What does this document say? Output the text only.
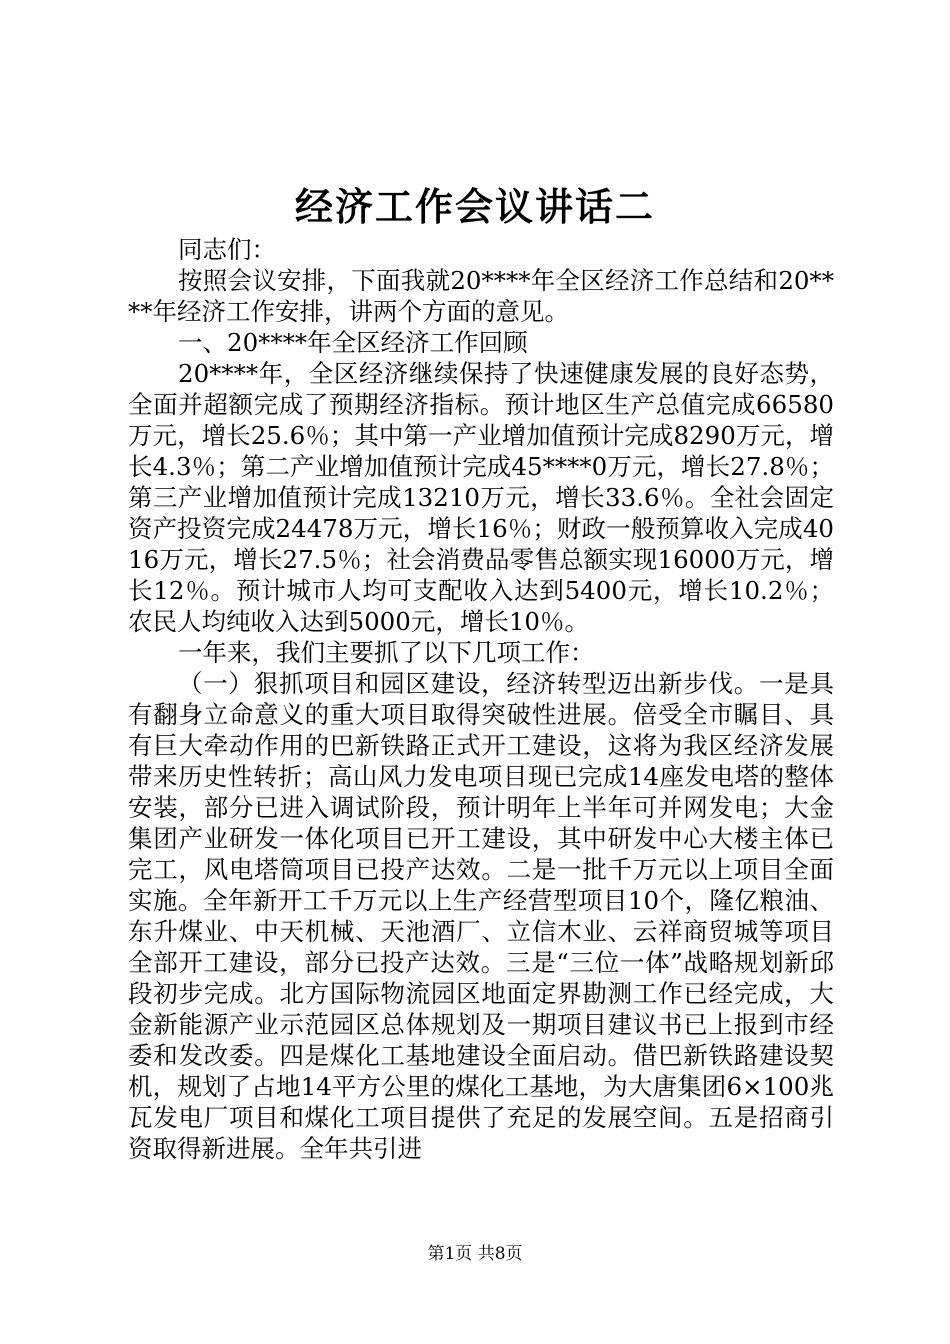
经济工作会议讲话二

同志们：

按照会议安排，下面我就20****年全区经济工作总结和20****年经济工作安排，讲两个方面的意见。

一、20****年全区经济工作回顾

20****年，全区经济继续保持了快速健康发展的良好态势，全面并超额完成了预期经济指标。预计地区生产总值完成66580万元，增长25.6％；其中第一产业增加值预计完成8290万元，增长4.3％；第二产业增加值预计完成45****0万元，增长27.8％；第三产业增加值预计完成13210万元，增长33.6％。全社会固定资产投资完成24478万元，增长16％；财政一般预算收入完成4016万元，增长27.5％；社会消费品零售总额实现16000万元，增长12％。预计城市人均可支配收入达到5400元，增长10.2％；农民人均纯收入达到5000元，增长10％。

一年来，我们主要抓了以下几项工作：

（一）狠抓项目和园区建设，经济转型迈出新步伐。一是具有翻身立命意义的重大项目取得突破性进展。倍受全市瞩目、具有巨大牵动作用的巴新铁路正式开工建设，这将为我区经济发展带来历史性转折；高山风力发电项目现已完成14座发电塔的整体安装，部分已进入调试阶段，预计明年上半年可并网发电；大金集团产业研发一体化项目已开工建设，其中研发中心大楼主体已完工，风电塔筒项目已投产达效。二是一批千万元以上项目全面实施。全年新开工千万元以上生产经营型项目10个，隆亿粮油、东升煤业、中天机械、天池酒厂、立信木业、云祥商贸城等项目全部开工建设，部分已投产达效。三是“三位一体”战略规划新邱段初步完成。北方国际物流园区地面定界勘测工作已经完成，大金新能源产业示范园区总体规划及一期项目建议书已上报到市经委和发改委。四是煤化工基地建设全面启动。借巴新铁路建设契机，规划了占地14平方公里的煤化工基地，为大唐集团6×100兆瓦发电厂项目和煤化工项目提供了充足的发展空间。五是招商引资取得新进展。全年共引进

第1页 共8页
